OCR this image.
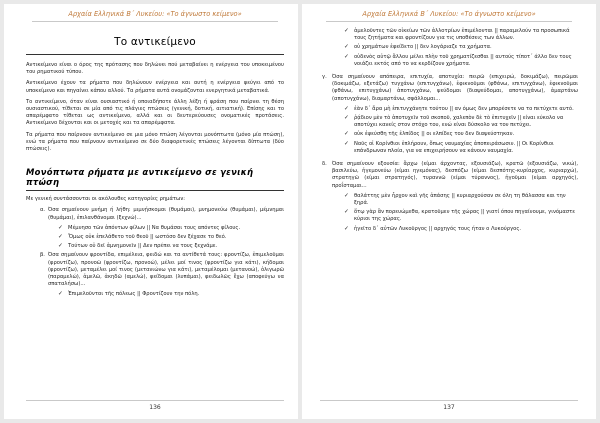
Αρχαία Ελληνικά Β΄ Λυκείου: «Το άγνωστο κείμενο»
Το αντικείμενο

Αντικείμενο είναι ο όρος της πρότασης που δηλώνει πού μεταβαίνει η ενέργεια του υποκειμένου του ρηματικού τύπου.

Αντικείμενο έχουν τα ρήματα που δηλώνουν ενέργεια και αυτή η ενέργεια φεύγει από το υποκείμενο και πηγαίνει κάπου αλλού. Τα ρήματα αυτά ονομάζονται ενεργητικά μεταβατικά.

Το αντικείμενο, όταν είναι ουσιαστικό ή οποιαδήποτε άλλη λέξη ή φράση που παίρνει τη θέση ουσιαστικού, τίθεται σε μία από τις πλάγιες πτώσεις (γενική, δοτική, αιτιατική). Επίσης και το απαρέμφατο τίθεται ως αντικείμενο, αλλά και οι δευτερεύουσες ονοματικές προτάσεις. Αντικείμενο δέχονται και οι μετοχές και τα απαρέμφατα.

Τα ρήματα που παίρνουν αντικείμενο σε μια μόνο πτώση λέγονται μονόπτωτα (μόνο μία πτώση), ενώ τα ρήματα που παίρνουν αντικείμενο σε δύο διαφορετικές πτώσεις λέγονται δίπτωτα (δύο πτώσεις).

Μονόπτωτα ρήματα με αντικείμενο σε γενική πτώση

Με γενική συντάσσονται οι ακόλουθες κατηγορίες ρημάτων:

α. Όσα σημαίνουν μνήμη ή λήθη: μιμνῄσκομαι (θυμάμαι), μνημονεύω (θυμάμαι), μέμνημαι (θυμάμαι), ἐπιλανθάνομαι (ξεχνώ)...
✓ Μέμνησο τῶν ἀπόντων φίλων || Να θυμάσαι τους απόντες φίλους.
✓ Ὅμως οὐκ ἐπελάθετο τοῦ θεοῦ || ωστόσο δεν ξέχασε το θεό.
✓ Τούτων οὐ δεῖ ἀμνημονεῖν || Δεν πρέπει να τους ξεχνάμε.
β. Όσα σημαίνουν φροντίδα, επιμέλεια, φειδώ και τα αντίθετά τους: φροντίζω, ἐπιμελοῦμαι (φροντίζω), προνοῶ (φροντίζω, προνοώ), μέλει μοί τινος (φροντίζω για κάτι), κήδομαι (φροντίζω), μεταμέλει μοί τινος (μετανιώνω για κάτι), μεταμέλομαι (μετανοώ), ὀλιγωρῶ (παραμελώ), ἀμελῶ, ἀκηδῶ (αμελώ), φείδομαι (λυπάμαι), φειδωλῶς ἔχω (αποφεύγω να σπαταλήσω)...
✓ Ἐπιμελοῦνται τῆς πόλεως || Φροντίζουν την πόλη.
136
Αρχαία Ελληνικά Β΄ Λυκείου: «Το άγνωστο κείμενο»
✓ ἀμελοῦντες τῶν οἰκείων τῶν ἀλλοτρίων ἐπιμέλονται || παραμελούν τα προσωπικά τους ζητήματα και φροντίζουν για τις υποθέσεις των άλλων.
✓ οὐ χρημάτων ἐφείδετο || δεν λογάριαζε τα χρήματα.
✓ οὐδενὸς αὐτῷ ἄλλου μέλει πλὴν τοῦ χρηματίζεσθαι || αυτούς τίποτ΄ άλλο δεν τους νοιάζει εκτός από το να κερδίζουν χρήματα.
γ. Όσα σημαίνουν απόπειρα, επιτυχία, αποτυχία: πειρῶ (επιχειρώ, δοκιμάζω), πειρῶμαι (δοκιμάζω, εξετάζω) τυγχάνω (επιτυγχάνω), ἐφικνοῦμαι (φθάνω, επιτυγχάνω), ἐφικνοῦμαι (φθάνω, επιτυγχάνω) ἀποτυγχάνω, ψεύδομαι (διαψεύδομαι, αποτυγχάνω), ἁμαρτάνω (αποτυγχάνω), διαμαρτάνω, σφάλλομαι...
✓ ἐὰν δ΄ ἄρα μὴ ἐπιτυγχάνητε τούτου || αν όμως δεν μπορέσετε να το πετύχετε αυτό.
✓ ῥᾴδιον μὲν τὸ ἀποτυχεῖν τοῦ σκοποῦ, χαλεπὸν δὲ τὸ ἐπιτυχεῖν || είναι εύκολο να αποτύχει κανείς στον στόχο του, ενώ είναι δύσκολο να τον πετύχει.
✓ οὐκ ἐψεύσθη τῆς ἐλπίδος || οι ελπίδες του δεν διαψεύστηκαν.
✓ Ναῦς οἱ Κορίνθιοι ἐπλήρουν, ὅπως ναυμαχίας ἀποπειράσωσιν. || Οι Κορίνθιοι επάνδρωναν πλοία, για να επιχειρήσουν να κάνουν ναυμαχία.
δ. Όσα σημαίνουν εξουσία: ἄρχω (είμαι άρχοντας, εξουσιάζω), κρατῶ (εξουσιάζω, νικώ), βασιλεύω, ἡγεμονεύω (είμαι ηγεμόνας), δεσπόζω (είμαι δεσπότης-κυρίαρχος, κυριαρχώ), στρατηγῶ (είμαι στρατηγός), τυραννῶ (είμαι τύραννος), ἡγοῦμαι (είμαι αρχηγός), προΐσταμαι...
✓ θαλάττης μὲν ἦρχον καὶ γῆς ἀπάσης || κυριαρχούσαν σε όλη τη θάλασσα και την ξηρά.
✓ ὅτῳ γὰρ ἂν πορευώμεθα, κρατοῦμεν τῆς χώρας || γιατί όπου πηγαίνουμε, γινόμαστε κύριοι της χώρας.
✓ ἡγεῖτο δ΄ αὐτῶν Λυκοῦργος || αρχηγός τους ήταν ο Λυκούργος.
137
